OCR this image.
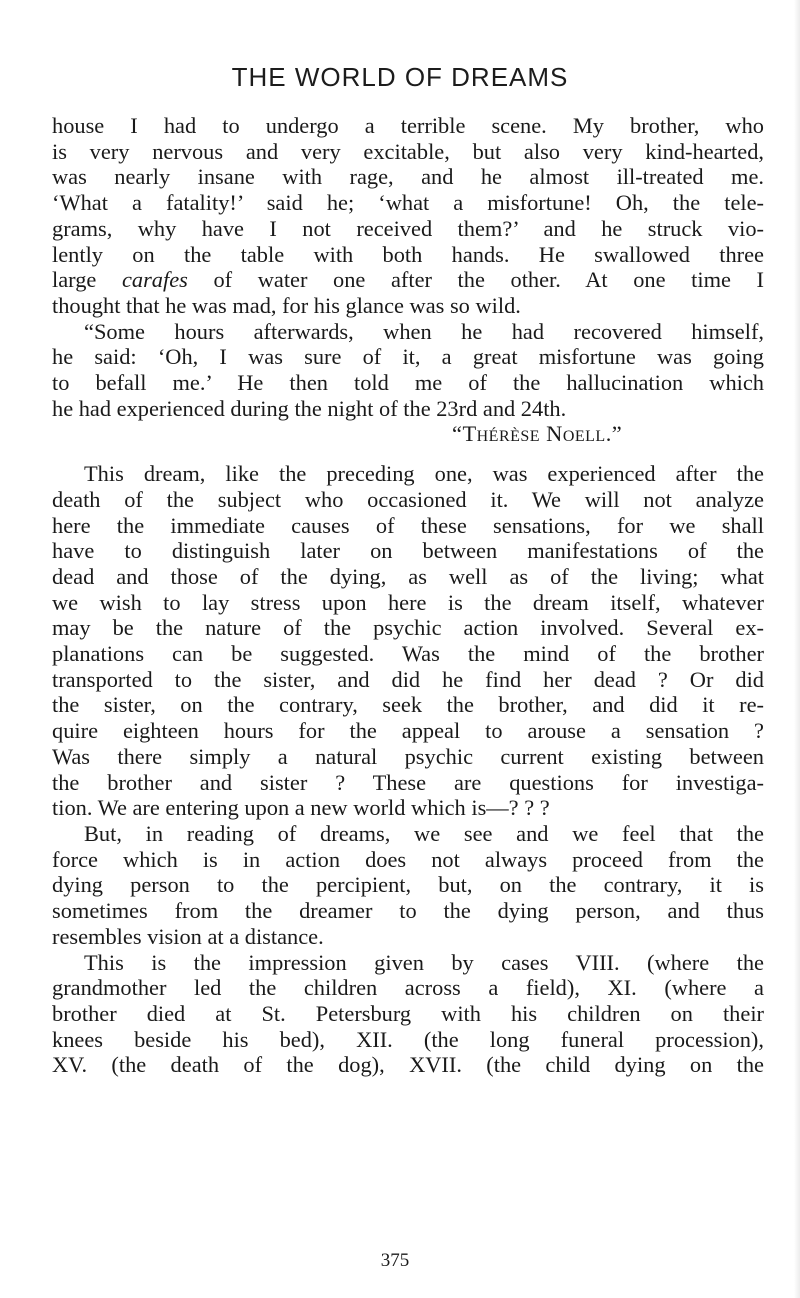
THE WORLD OF DREAMS
house I had to undergo a terrible scene. My brother, who
is very nervous and very excitable, but also very kind-hearted,
was nearly insane with rage, and he almost ill-treated me.
‘What a fatality!’ said he; ‘what a misfortune! Oh, the tele-
grams, why have I not received them?’ and he struck vio-
lently on the table with both hands. He swallowed three
large carafes of water one after the other. At one time I
thought that he was mad, for his glance was so wild.
“Some hours afterwards, when he had recovered himself,
he said: ‘Oh, I was sure of it, a great misfortune was going
to befall me.’ He then told me of the hallucination which
he had experienced during the night of the 23rd and 24th.
“Thérèse Noell.”
This dream, like the preceding one, was experienced after the
death of the subject who occasioned it. We will not analyze
here the immediate causes of these sensations, for we shall
have to distinguish later on between manifestations of the
dead and those of the dying, as well as of the living; what
we wish to lay stress upon here is the dream itself, whatever
may be the nature of the psychic action involved. Several ex-
planations can be suggested. Was the mind of the brother
transported to the sister, and did he find her dead ? Or did
the sister, on the contrary, seek the brother, and did it re-
quire eighteen hours for the appeal to arouse a sensation ?
Was there simply a natural psychic current existing between
the brother and sister ? These are questions for investiga-
tion. We are entering upon a new world which is—? ? ?
But, in reading of dreams, we see and we feel that the
force which is in action does not always proceed from the
dying person to the percipient, but, on the contrary, it is
sometimes from the dreamer to the dying person, and thus
resembles vision at a distance.
This is the impression given by cases VIII. (where the
grandmother led the children across a field), XI. (where a
brother died at St. Petersburg with his children on their
knees beside his bed), XII. (the long funeral procession),
XV. (the death of the dog), XVII. (the child dying on the
375
